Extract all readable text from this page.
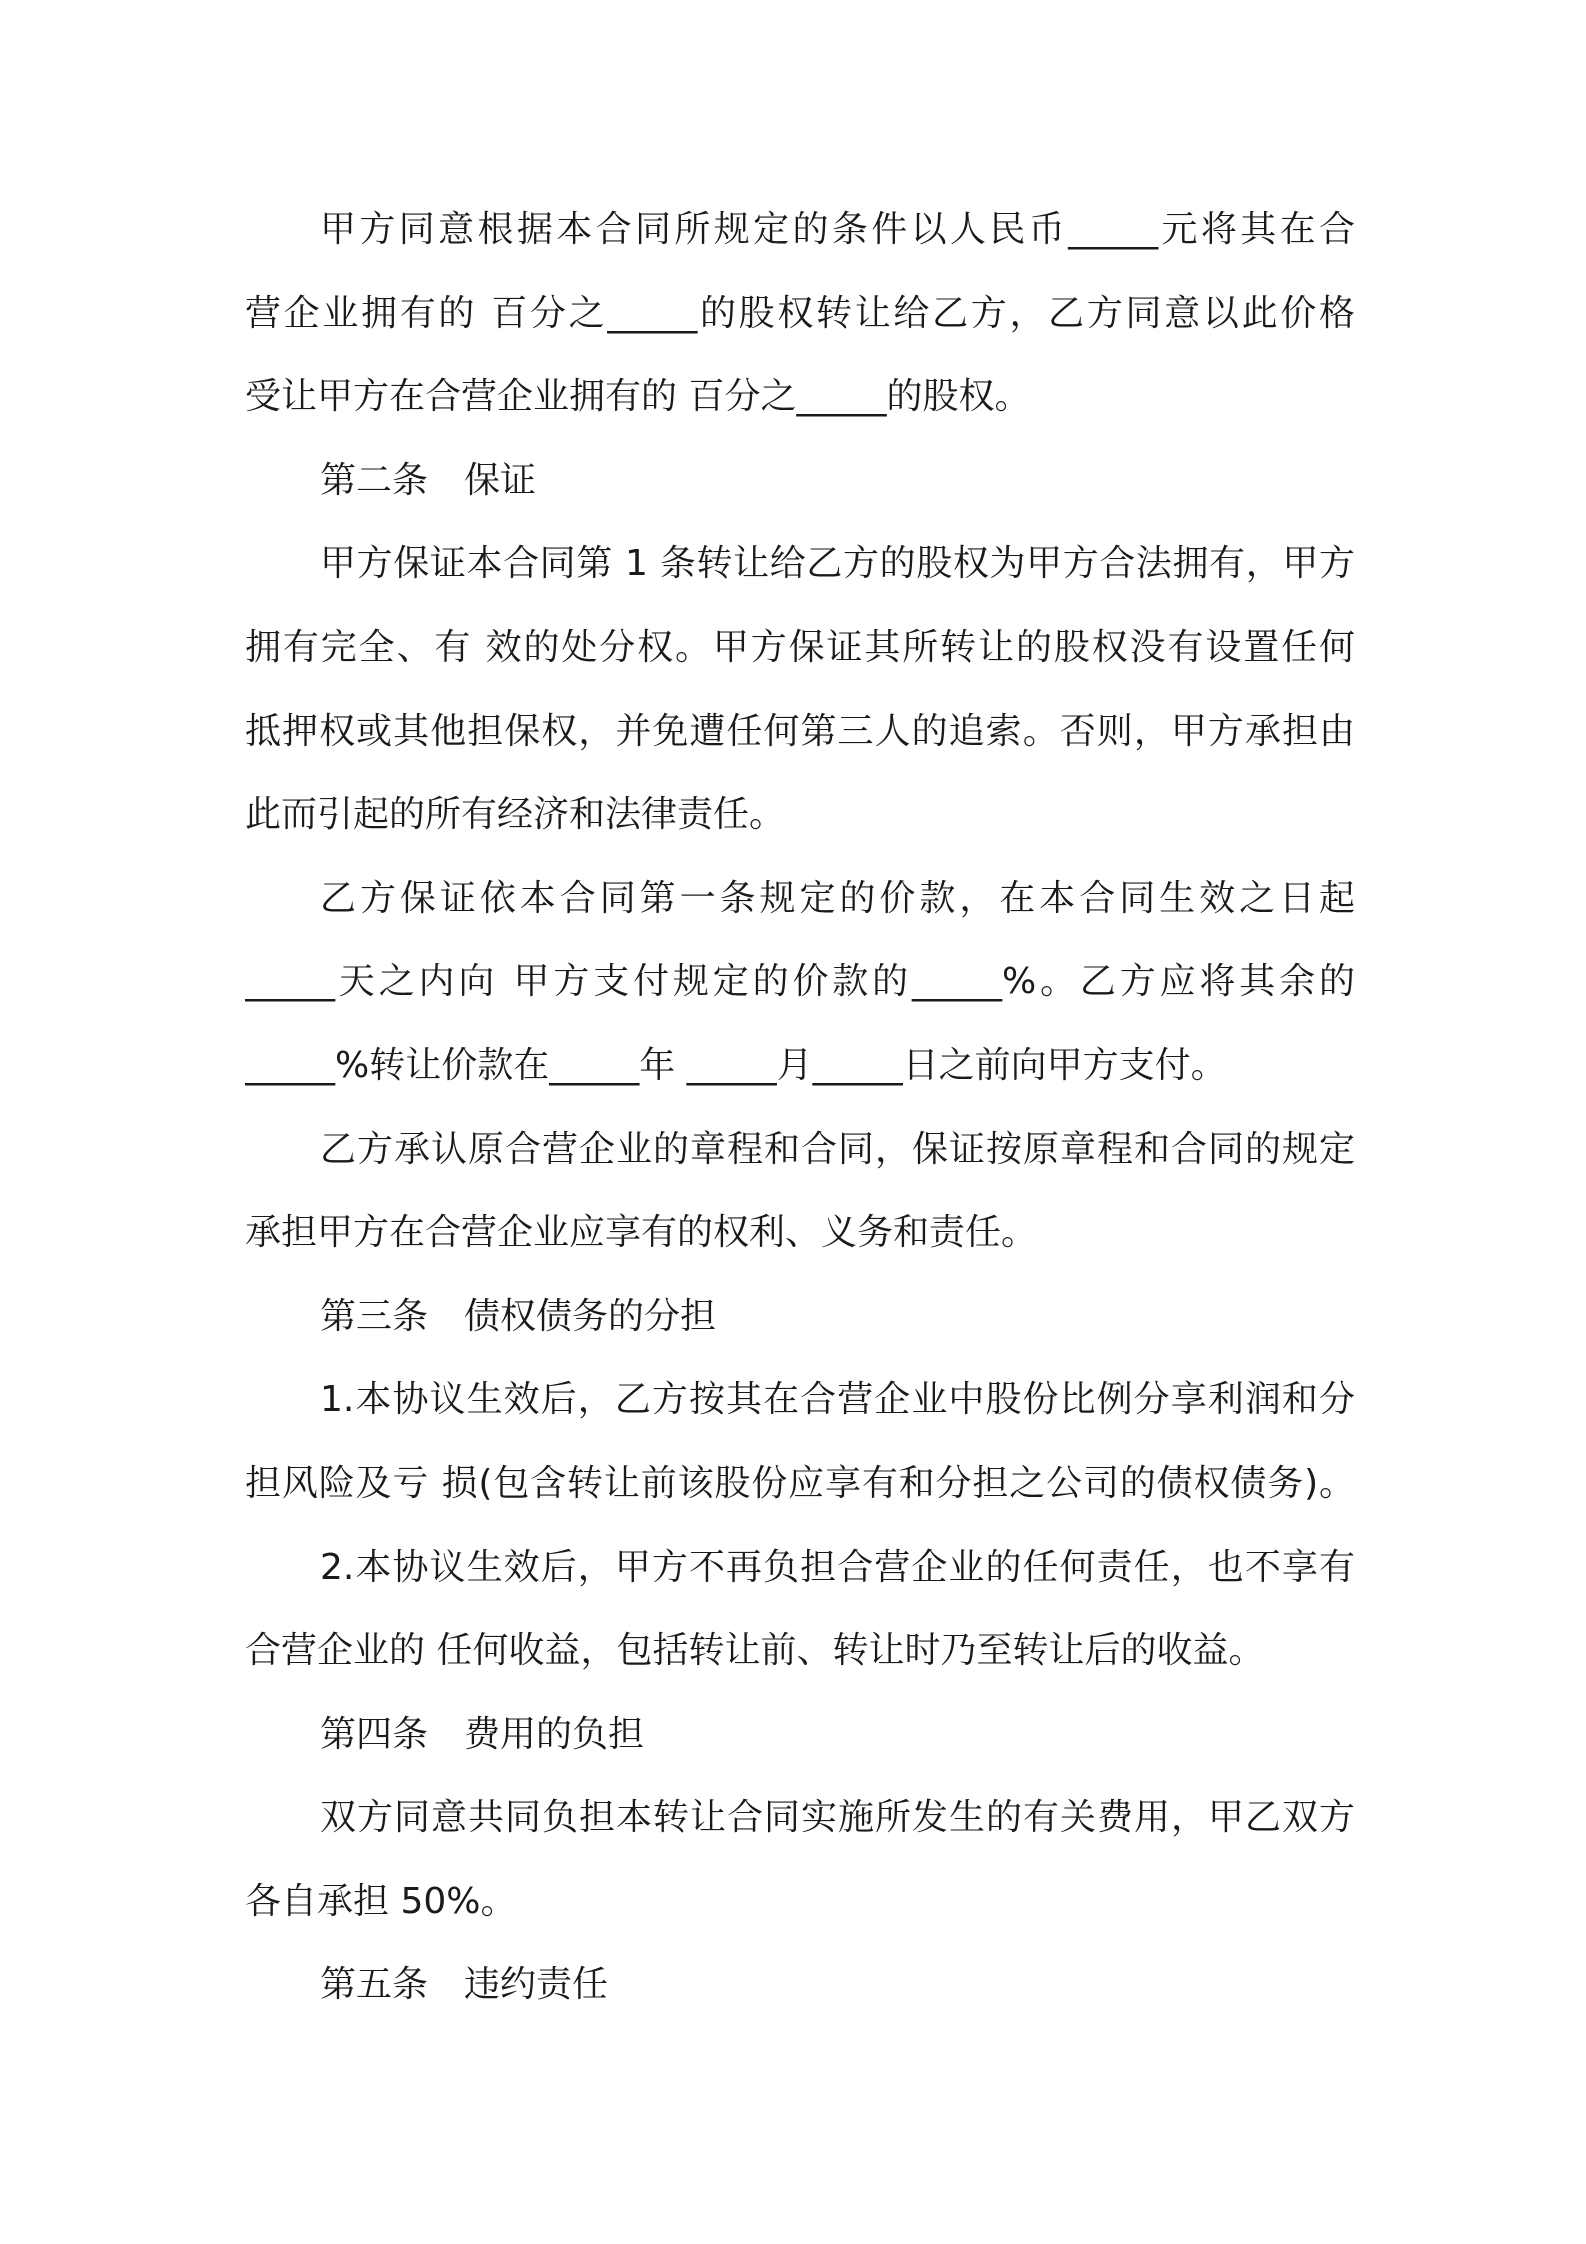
甲方同意根据本合同所规定的条件以人民币_____元将其在合
营企业拥有的 百分之_____的股权转让给乙方，乙方同意以此价格
受让甲方在合营企业拥有的 百分之_____的股权。
第二条　保证
甲方保证本合同第 1 条转让给乙方的股权为甲方合法拥有，甲方
拥有完全、有 效的处分权。甲方保证其所转让的股权没有设置任何
抵押权或其他担保权，并免遭任何第三人的追索。否则，甲方承担由
此而引起的所有经济和法律责任。
乙方保证依本合同第一条规定的价款，在本合同生效之日起
_____天之内向 甲方支付规定的价款的_____%。乙方应将其余的
_____%转让价款在_____年 _____月_____日之前向甲方支付。
乙方承认原合营企业的章程和合同，保证按原章程和合同的规定
承担甲方在合营企业应享有的权利、义务和责任。
第三条　债权债务的分担
1.本协议生效后，乙方按其在合营企业中股份比例分享利润和分
担风险及亏 损(包含转让前该股份应享有和分担之公司的债权债务)。
2.本协议生效后，甲方不再负担合营企业的任何责任，也不享有
合营企业的 任何收益，包括转让前、转让时乃至转让后的收益。
第四条　费用的负担
双方同意共同负担本转让合同实施所发生的有关费用，甲乙双方
各自承担 50%。
第五条　违约责任
